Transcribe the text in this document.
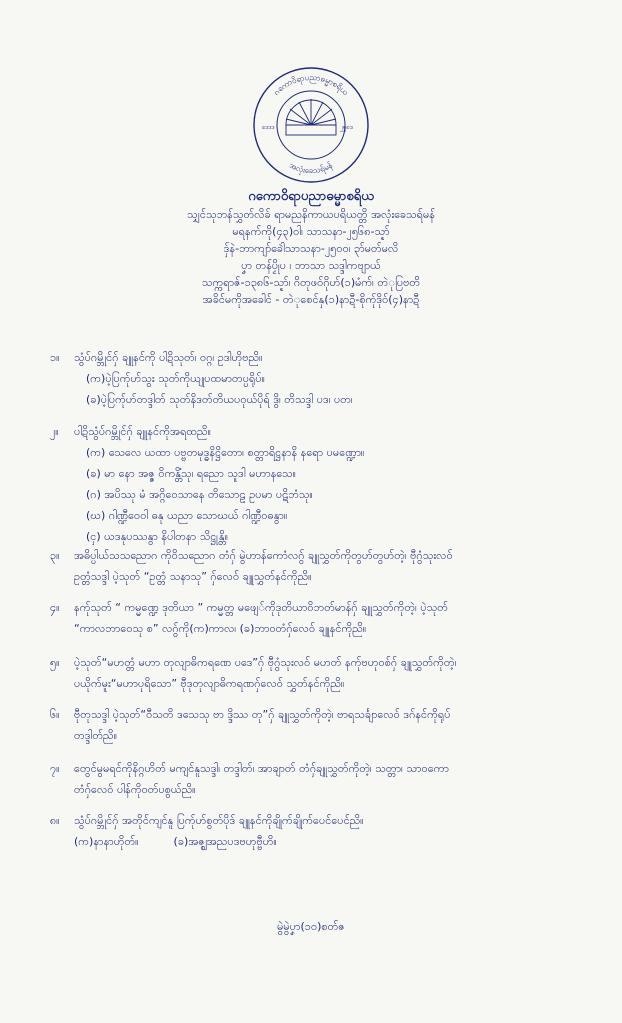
ဂကောဝိရာပညာဓမ္မာစရိယ
အလုံးခေသရ်မန်
ဒေဒဒ	၂၅၈ဒ
ဂကောဝိရာပညာဓမ္မာစရိယ
သျှင်သုဘန်သွှတ်လိခ် ရာမညနိကာယပရိယတ္တိ အလုံးခေသရ်မန်
မရနက်ကို(၄၃)၀ါ၊ သာသနာ-၂၅၆၈-သ္ဍာ်
ဒှ်နဲ-ဘာကျာ်ခေါဲသာသနာ-၂၅၀၀၊ ၃ာ်မတ်မလိ
ပၞာ တန်ပၟိုပ ၊ ဘာသာ သဒ္ဒါကဗျာယ်
သက္ကရာဇ်-၁၃၈၆-သ္ဍာ်၊ ဂိတုဖဝ်ဂိုဟ်(၁)မံက်၊ တဲုပြဗတိ
အခိင်မကိုအခေါင် - တဲုစေင်နှ(၁)နာဍီ-စိုက်ုဒိုဝ်(၄)နာဍီ
၁။	သွံပ်ဂမ္ဘိုင်ဂှ် ချူနင်ကို ပါဍိသုတ်၊ ဝဂ္ဂ၊ ဥဒါဟိုဗညိ။
(က)ပဲ့ပြက်ုဟ်သွး သုတ်ကိုယျုပထမာတပ္ပရိုပ်။
(ခ)ပဲ့ပြက်ုဟ်တဒ္ဒါတ် သုတ်နိဒတ်တိယပဝုယ်ပိုရ် ဒွိ၊ တိသဒ္ဒါ ပဒ၊ ပတ၊
၂။	ပါဍိသွံပ်ဂမ္ဘိုင်ဂှ် ချူနင်ကိုအရထညိ။
(က) သေလေ ယထာ ပဗ္ဗတမုဒ္ဓနိဋ္ဌိတော၊ စတ္တာရိဋ္ဌနာနိ နရော ပမဏ္ဍော။
(ခ) မာ နော အဇ္ဇ ဝိကန္တိံသု၊ ရညော သူဒါ မဟာနသေ။
(ဂ) အပိဿု မံ အဂ္ဂိဝေသာနေ တိသောဠ ဥပမာ ပဋိဘံသု။
(ဃ) ဂါဏ္ဍီဝေဝါ ဓနု ယညာ သောဃယ် ဂါဏ္ဍီဝဓနွာ။
(ငှ) ယဒနုပဿနွာ နိပါတနာ သိဋ္ဌုန္တိ။
၃။	အဓိပ္ပါယ်သသညောဂ ကိုဝိသညောဂ တံဂှ် မွဲဟာန်ကောံလဂွ် ချူသွှတ်ကိုတွဟ်တွဟ်တဲ့၊ ဗီုဂွံသုးလဝ်
ဥတ္တံသဒ္ဒါ ပဲ့သုတ် “ဥတ္တံ သနာသု” ဂှ်လေဝ် ချူသွှတ်နင်ကိုညိ။
၄။	နက်ုသုတ် “ ကမ္မဏ္ဍေ ဒုတိယာ ” ကမ္မတ္တ မဖျေ်ကိုဒုတိယာဝိဘတ်မာန်ဂှ် ချူသွှတ်ကိုတဲ့၊ ပဲ့သုတ်
“ကာလဘာဝေသု စ” လဂွ်ကို(က)ကာလ၊ (ခ)ဘာဝတံဂှ်လေဝ် ချူနင်ကိုညိ။
၅။	ပဲ့သုတ်“မဟတ္တံ မဟာ တုလျာဓိကရဏေ ပဒေ”ဂှ် ဗီုဂွံသုးလဝ် မဟတ် နက်ုဗဟုဝစ်ဂှ် ချူသွှတ်ကိုတဲ့၊
ပယိုက်မူး“မဟာပုရိသော” ဗီုဒုတုလျာဓိကရဏဂှ်လေဝ် သွှတ်နင်ကိုညိ။
၆။	ဗီုတုသဒ္ဒါ ပဲ့သုတ်“ဝီသတိ ဒသေသု ဗာ ဒ္ဒိဿ တု”ဂှ် ချူသွှတ်ကိုတဲ့၊ ဗာရသင်္ချာလေဝ် ဒဂ်နင်ကိုရုပ်
တဒ္ဒါတ်ညိ။
၇။	တွေင်မွမရင်ကိုနိဂ္ဂဟိတ် မကျင်နူသဒ္ဒါ၊ တဒ္ဒါတ်၊ အာချာတ် တံဂှ်ချူသွှတ်ကိုတဲ့၊ သတ္တာ၊ သာဝကော
တံဂှ်လေဝ် ပါန်ကိုဝတ်ပစွယ်ညိ။
၈။	သွံပ်ဂမ္ဘိုင်ဂှ် အတိုင်ကျင်နူ ပြက်ုဟ်စွတ်ပိုဒ် ချူနင်ကိုချိုက်ချိုက်ပေင်ပေင်ညိ။
(က)နာနာဟိုတ်။          (ခ)အဇ္ဈအညပဒဗဟုဗ္ဗီဟိ။
မွဲမွဲပၞာ(၁၀)စတ်ဇ
